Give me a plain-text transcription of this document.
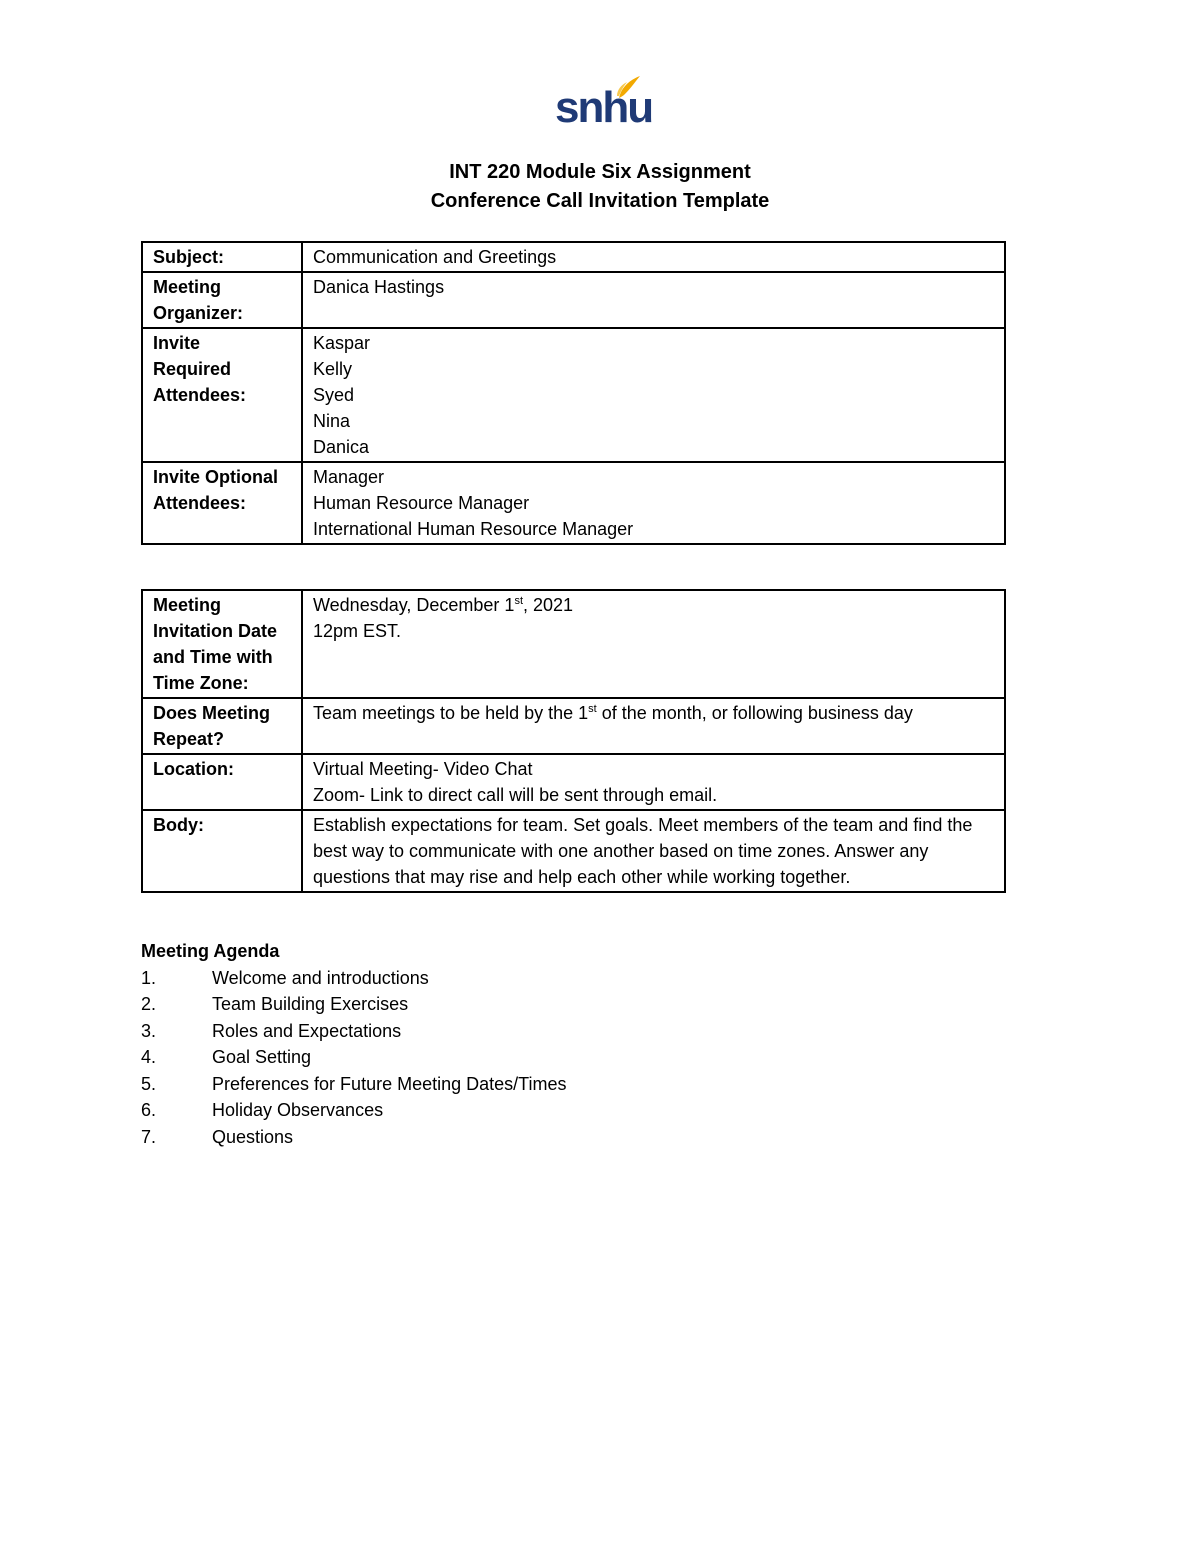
snhu
INT 220 Module Six Assignment
Conference Call Invitation Template
Subject:	Communication and Greetings

Meeting
Organizer:	Danica Hastings

Invite
Required
Attendees:	Kaspar
Kelly
Syed
Nina
Danica

Invite Optional
Attendees:	Manager
Human Resource Manager
International Human Resource Manager
Meeting
Invitation Date
and Time with
Time Zone:	Wednesday, December 1st, 2021
12pm EST.

Does Meeting
Repeat?	Team meetings to be held by the 1st of the month, or following business day

Location:	Virtual Meeting- Video Chat
Zoom- Link to direct call will be sent through email.

Body:	Establish expectations for team. Set goals. Meet members of the team and find the best way to communicate with one another based on time zones. Answer any questions that may rise and help each other while working together.
Meeting Agenda
1.	Welcome and introductions
2.	Team Building Exercises
3.	Roles and Expectations
4.	Goal Setting
5.	Preferences for Future Meeting Dates/Times
6.	Holiday Observances
7.	Questions
